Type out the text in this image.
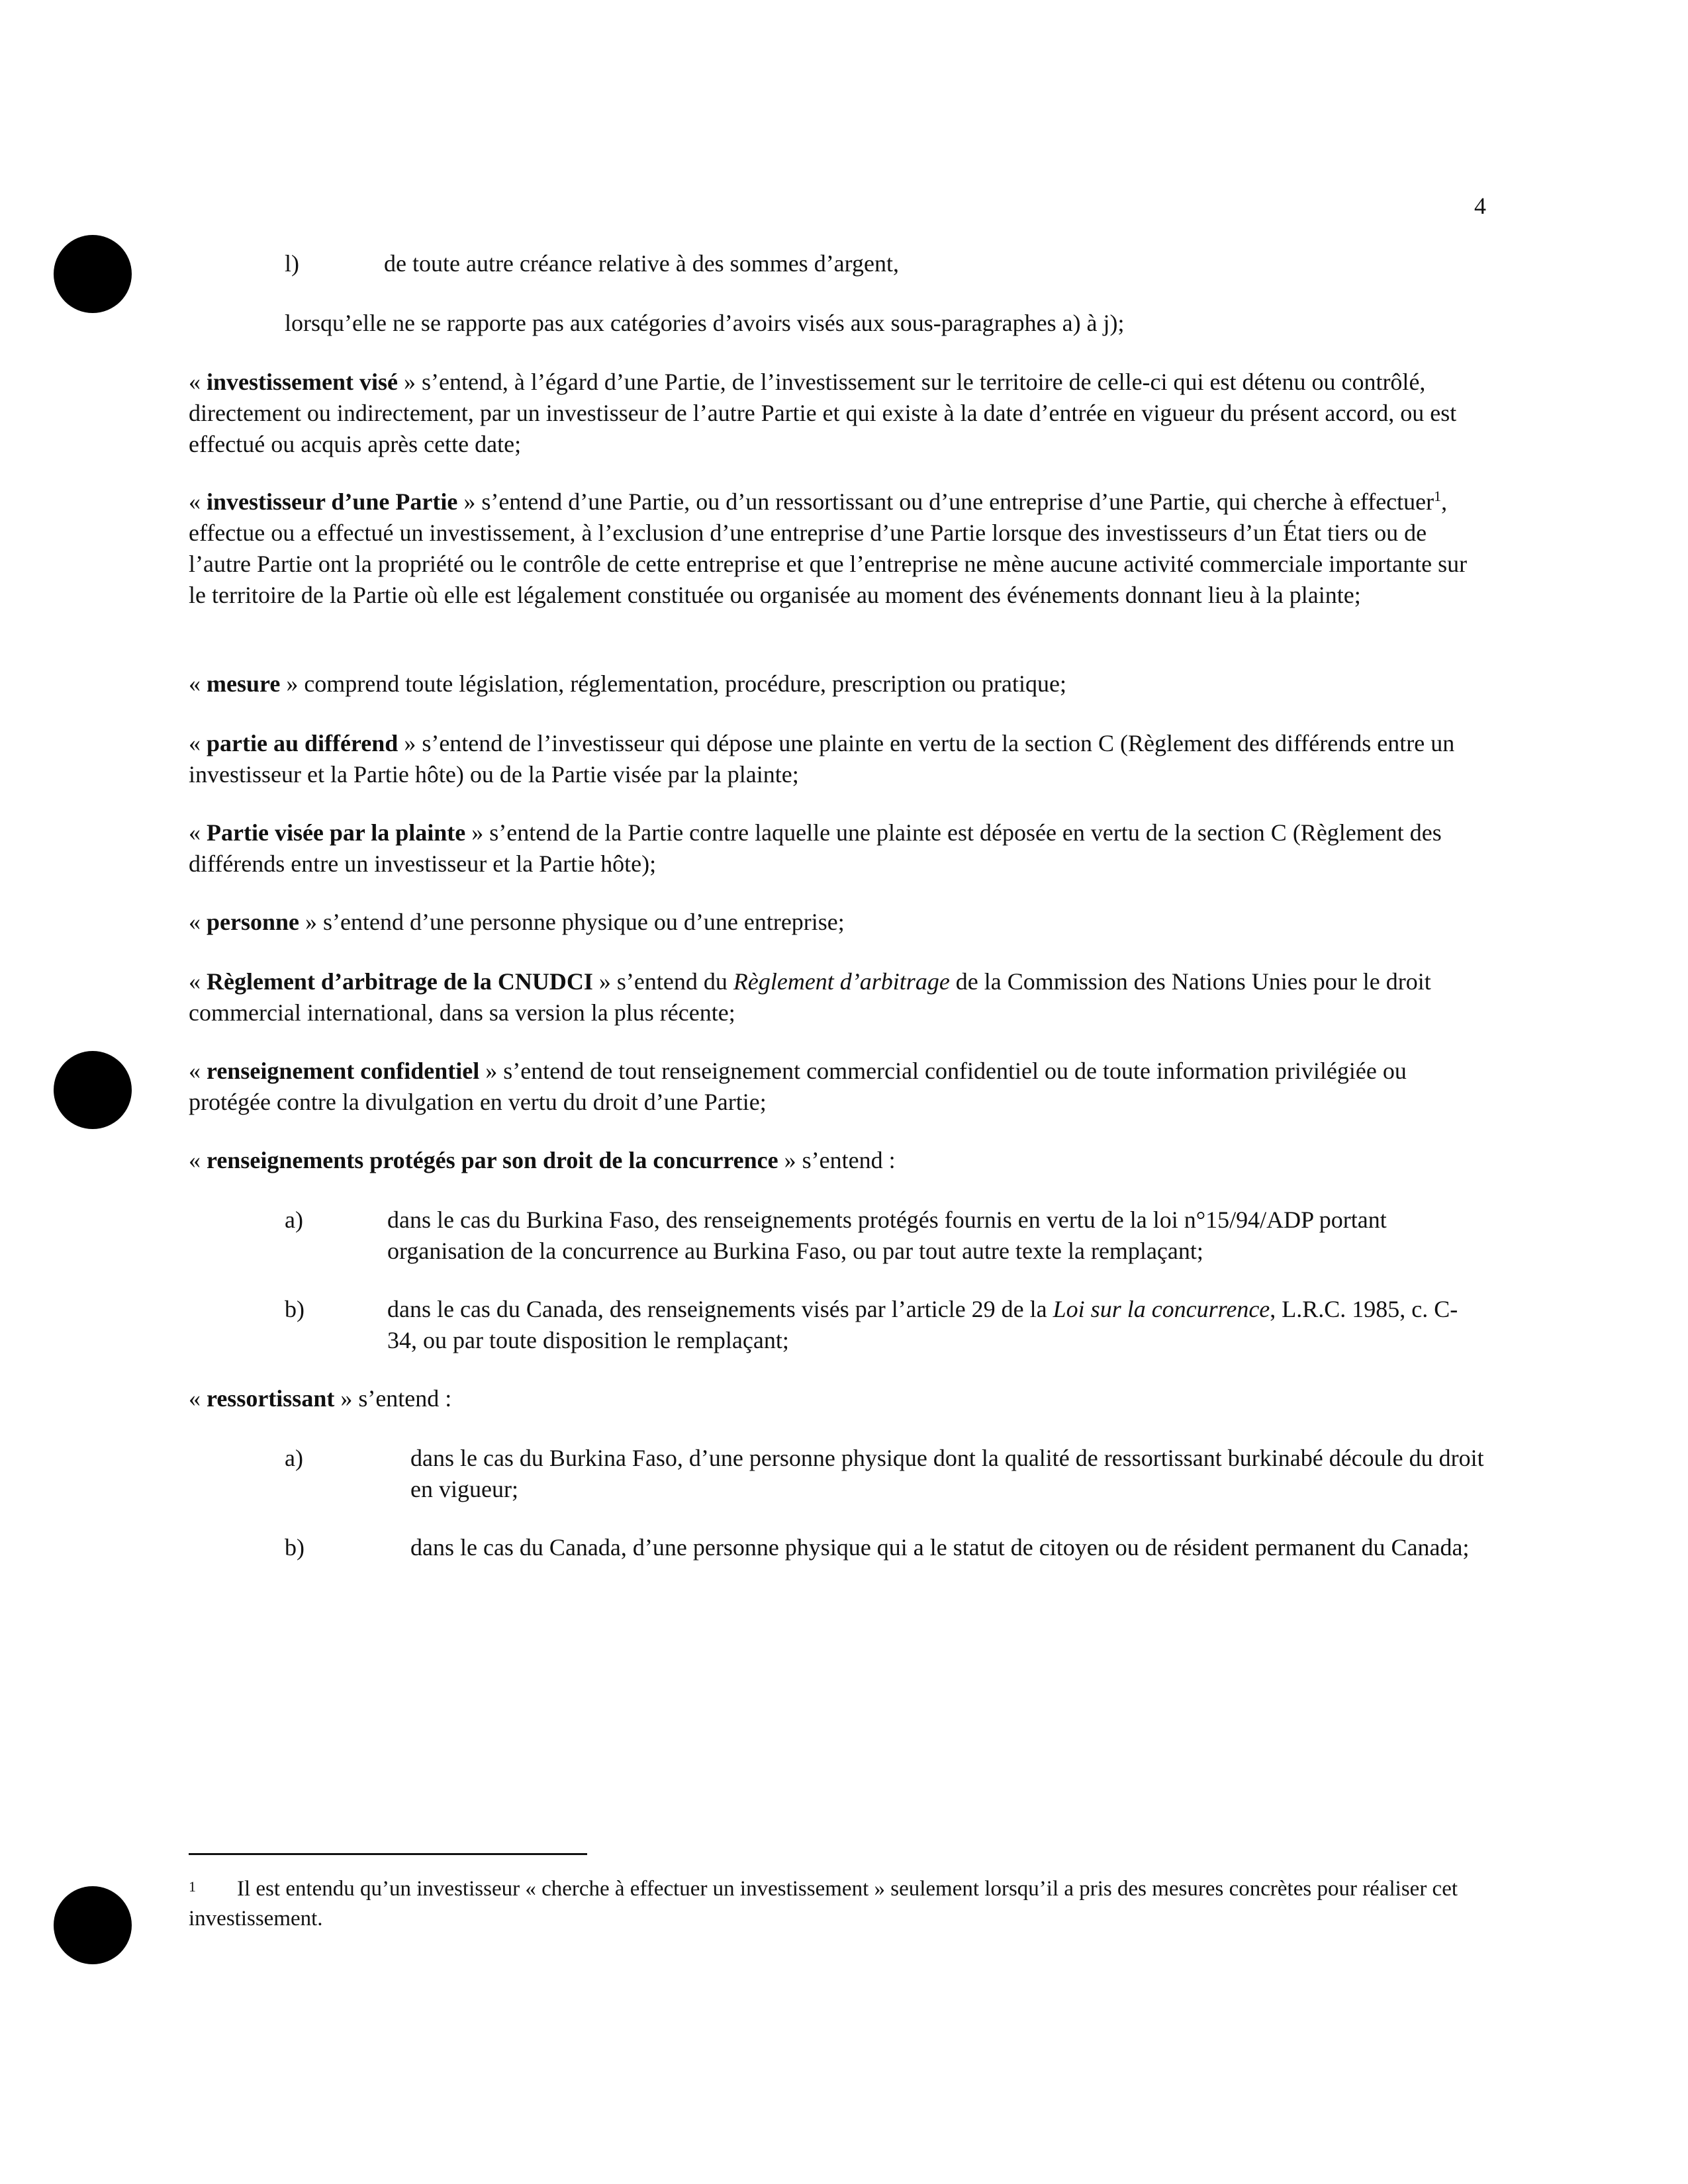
4
l)	de toute autre créance relative à des sommes d’argent,

lorsqu’elle ne se rapporte pas aux catégories d’avoirs visés aux sous-paragraphes a) à j);

« investissement visé » s’entend, à l’égard d’une Partie, de l’investissement sur le territoire de celle-ci qui est détenu ou contrôlé, directement ou indirectement, par un investisseur de l’autre Partie et qui existe à la date d’entrée en vigueur du présent accord, ou est effectué ou acquis après cette date;

« investisseur d’une Partie » s’entend d’une Partie, ou d’un ressortissant ou d’une entreprise d’une Partie, qui cherche à effectuer$^1$, effectue ou a effectué un investissement, à l’exclusion d’une entreprise d’une Partie lorsque des investisseurs d’un État tiers ou de l’autre Partie ont la propriété ou le contrôle de cette entreprise et que l’entreprise ne mène aucune activité commerciale importante sur le territoire de la Partie où elle est légalement constituée ou organisée au moment des événements donnant lieu à la plainte;

« mesure » comprend toute législation, réglementation, procédure, prescription ou pratique;

« partie au différend » s’entend de l’investisseur qui dépose une plainte en vertu de la section C (Règlement des différends entre un investisseur et la Partie hôte) ou de la Partie visée par la plainte;

« Partie visée par la plainte » s’entend de la Partie contre laquelle une plainte est déposée en vertu de la section C (Règlement des différends entre un investisseur et la Partie hôte);

« personne » s’entend d’une personne physique ou d’une entreprise;

« Règlement d’arbitrage de la CNUDCI » s’entend du Règlement d’arbitrage de la Commission des Nations Unies pour le droit commercial international, dans sa version la plus récente;

« renseignement confidentiel » s’entend de tout renseignement commercial confidentiel ou de toute information privilégiée ou protégée contre la divulgation en vertu du droit d’une Partie;

« renseignements protégés par son droit de la concurrence » s’entend :

a)	dans le cas du Burkina Faso, des renseignements protégés fournis en vertu de la loi n°15/94/ADP portant organisation de la concurrence au Burkina Faso, ou par tout autre texte la remplaçant;

b)	dans le cas du Canada, des renseignements visés par l’article 29 de la Loi sur la concurrence, L.R.C. 1985, c. C-34, ou par toute disposition le remplaçant;

« ressortissant » s’entend :

a)	dans le cas du Burkina Faso, d’une personne physique dont la qualité de ressortissant burkinabé découle du droit en vigueur;

b)	dans le cas du Canada, d’une personne physique qui a le statut de citoyen ou de résident permanent du Canada;

$^1$ Il est entendu qu’un investisseur « cherche à effectuer un investissement » seulement lorsqu’il a pris des mesures concrètes pour réaliser cet investissement.
